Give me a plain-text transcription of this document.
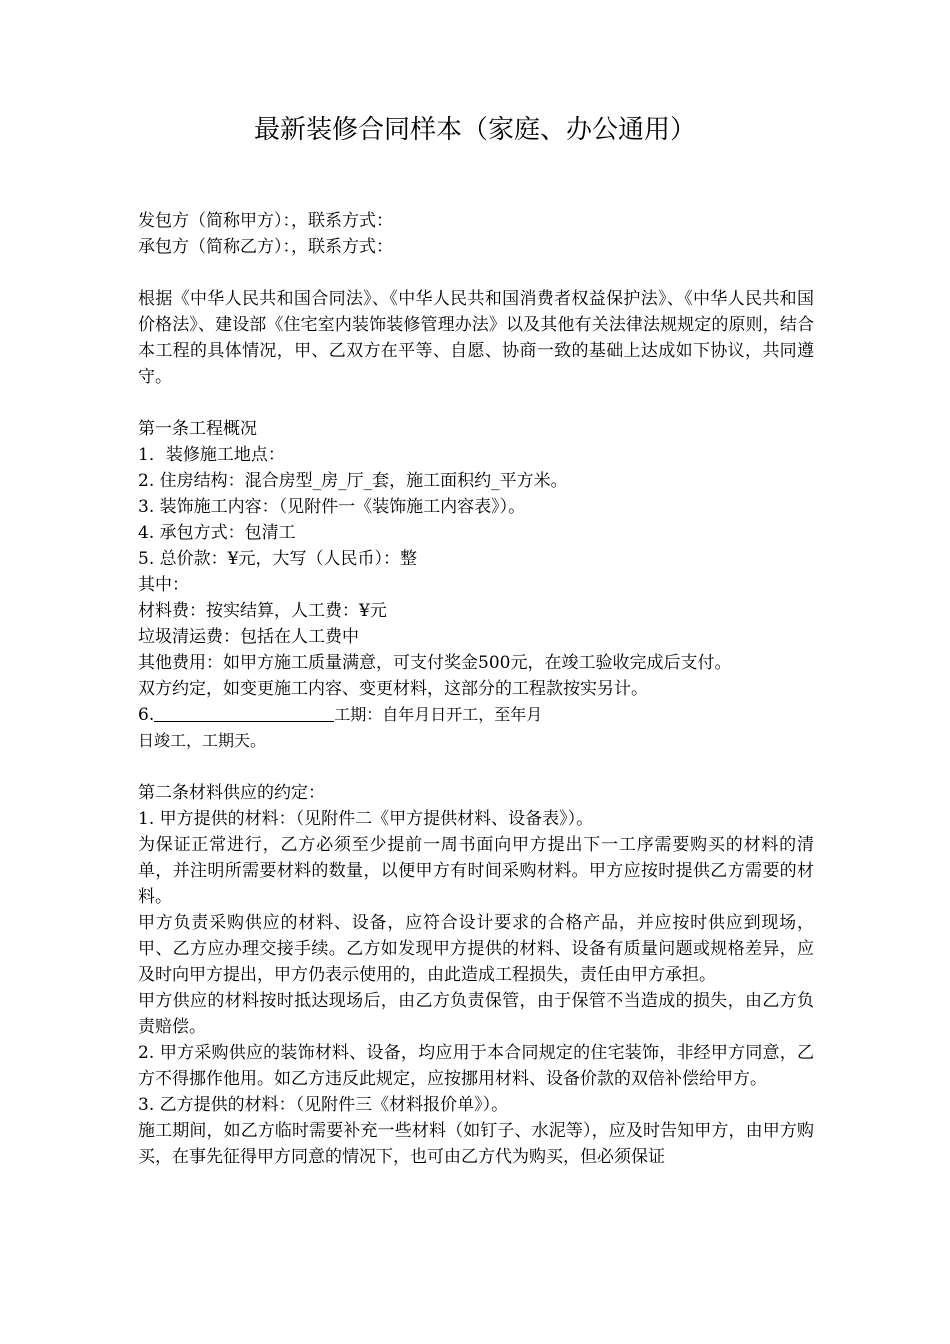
最新装修合同样本（家庭、办公通用）

发包方（简称甲方）：，联系方式：

承包方（简称乙方）：，联系方式：

根据《中华人民共和国合同法》、《中华人民共和国消费者权益保护法》、《中华人民共和国价格法》、建设部《住宅室内装饰装修管理办法》以及其他有关法律法规规定的原则，结合本工程的具体情况，甲、乙双方在平等、自愿、协商一致的基础上达成如下协议，共同遵守。

第一条工程概况

1．装修施工地点：

2. 住房结构：混合房型_房_厅_套，施工面积约_平方米。

3. 装饰施工内容：（见附件一《装饰施工内容表》）。

4. 承包方式：包清工

5. 总价款：¥元，大写（人民币）：整

其中：

材料费：按实结算，人工费：¥元

垃圾清运费：包括在人工费中

其他费用：如甲方施工质量满意，可支付奖金500元，在竣工验收完成后支付。

双方约定，如变更施工内容、变更材料，这部分的工程款按实另计。

6.	工期：自年月日开工，至年月

日竣工，工期天。

第二条材料供应的约定：

1. 甲方提供的材料：（见附件二《甲方提供材料、设备表》）。

为保证正常进行，乙方必须至少提前一周书面向甲方提出下一工序需要购买的材料的清单，并注明所需要材料的数量，以便甲方有时间采购材料。甲方应按时提供乙方需要的材料。

甲方负责采购供应的材料、设备，应符合设计要求的合格产品，并应按时供应到现场，甲、乙方应办理交接手续。乙方如发现甲方提供的材料、设备有质量问题或规格差异，应及时向甲方提出，甲方仍表示使用的，由此造成工程损失，责任由甲方承担。

甲方供应的材料按时抵达现场后，由乙方负责保管，由于保管不当造成的损失，由乙方负责赔偿。

2. 甲方采购供应的装饰材料、设备，均应用于本合同规定的住宅装饰，非经甲方同意，乙方不得挪作他用。如乙方违反此规定，应按挪用材料、设备价款的双倍补偿给甲方。

3. 乙方提供的材料：（见附件三《材料报价单》）。

施工期间，如乙方临时需要补充一些材料（如钉子、水泥等），应及时告知甲方，由甲方购买，在事先征得甲方同意的情况下，也可由乙方代为购买，但必须保证
